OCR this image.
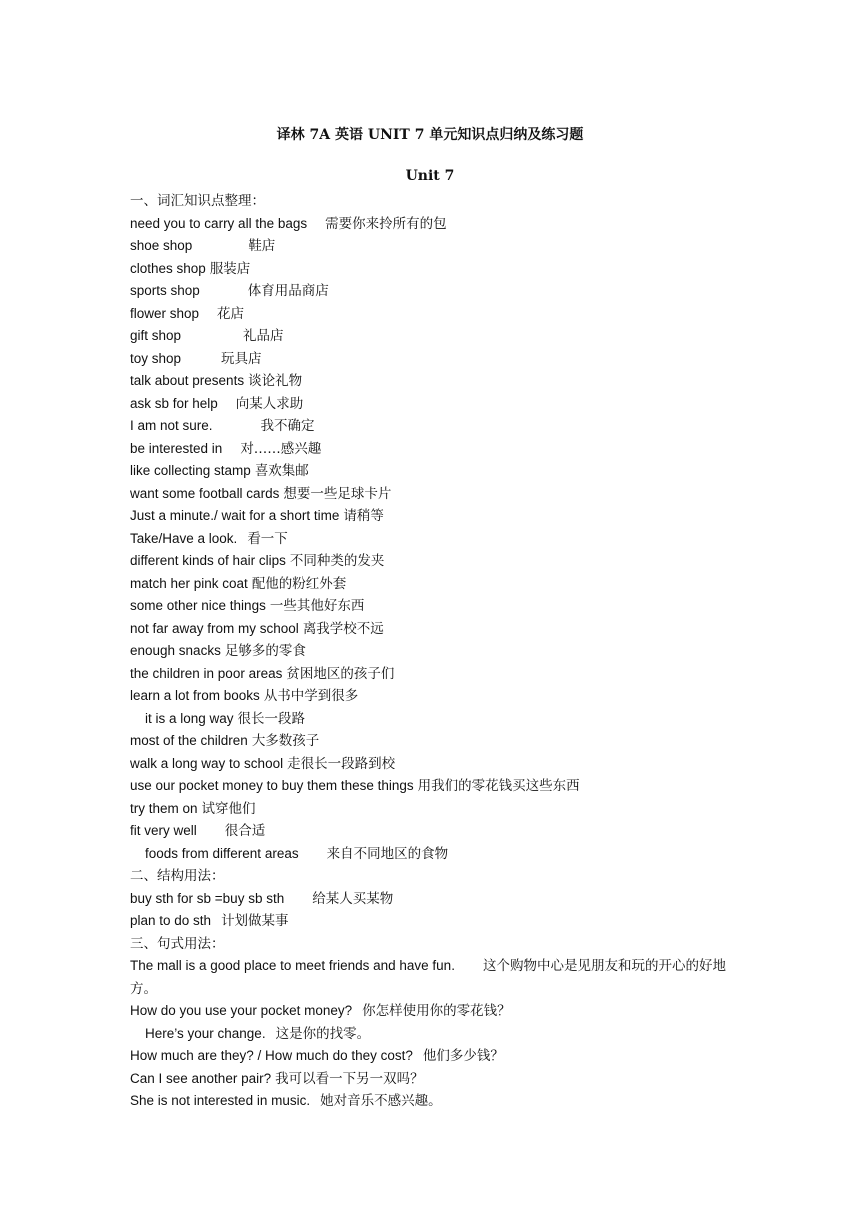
译林 7A 英语 UNIT 7 单元知识点归纳及练习题
Unit 7
一、词汇知识点整理：
need you to carry all the bags 需要你来拎所有的包
shoe shop	鞋店
clothes shop 服装店
sports shop	体育用品商店
flower shop 花店
gift shop	礼品店
toy shop	玩具店
talk about presents 谈论礼物
ask sb for help 向某人求助
I am not sure.	我不确定
be interested in 对……感兴趣
like collecting stamp 喜欢集邮
want some football cards 想要一些足球卡片
Just a minute./ wait for a short time 请稍等
Take/Have a look. 看一下
different kinds of hair clips 不同种类的发夹
match her pink coat 配他的粉红外套
some other nice things 一些其他好东西
not far away from my school 离我学校不远
enough snacks 足够多的零食
the children in poor areas 贫困地区的孩子们
learn a lot from books 从书中学到很多
it is a long way 很长一段路
most of the children 大多数孩子
walk a long way to school 走很长一段路到校
use our pocket money to buy them these things 用我们的零花钱买这些东西
try them on 试穿他们
fit very well 很合适
foods from different areas 来自不同地区的食物
二、结构用法：
buy sth for sb =buy sb sth 给某人买某物
plan to do sth 计划做某事
三、句式用法：
The mall is a good place to meet friends and have fun. 这个购物中心是见朋友和玩的开心的好地方。
How do you use your pocket money? 你怎样使用你的零花钱？
Here’s your change. 这是你的找零。
How much are they? / How much do they cost? 他们多少钱？
Can I see another pair? 我可以看一下另一双吗？
She is not interested in music. 她对音乐不感兴趣。
